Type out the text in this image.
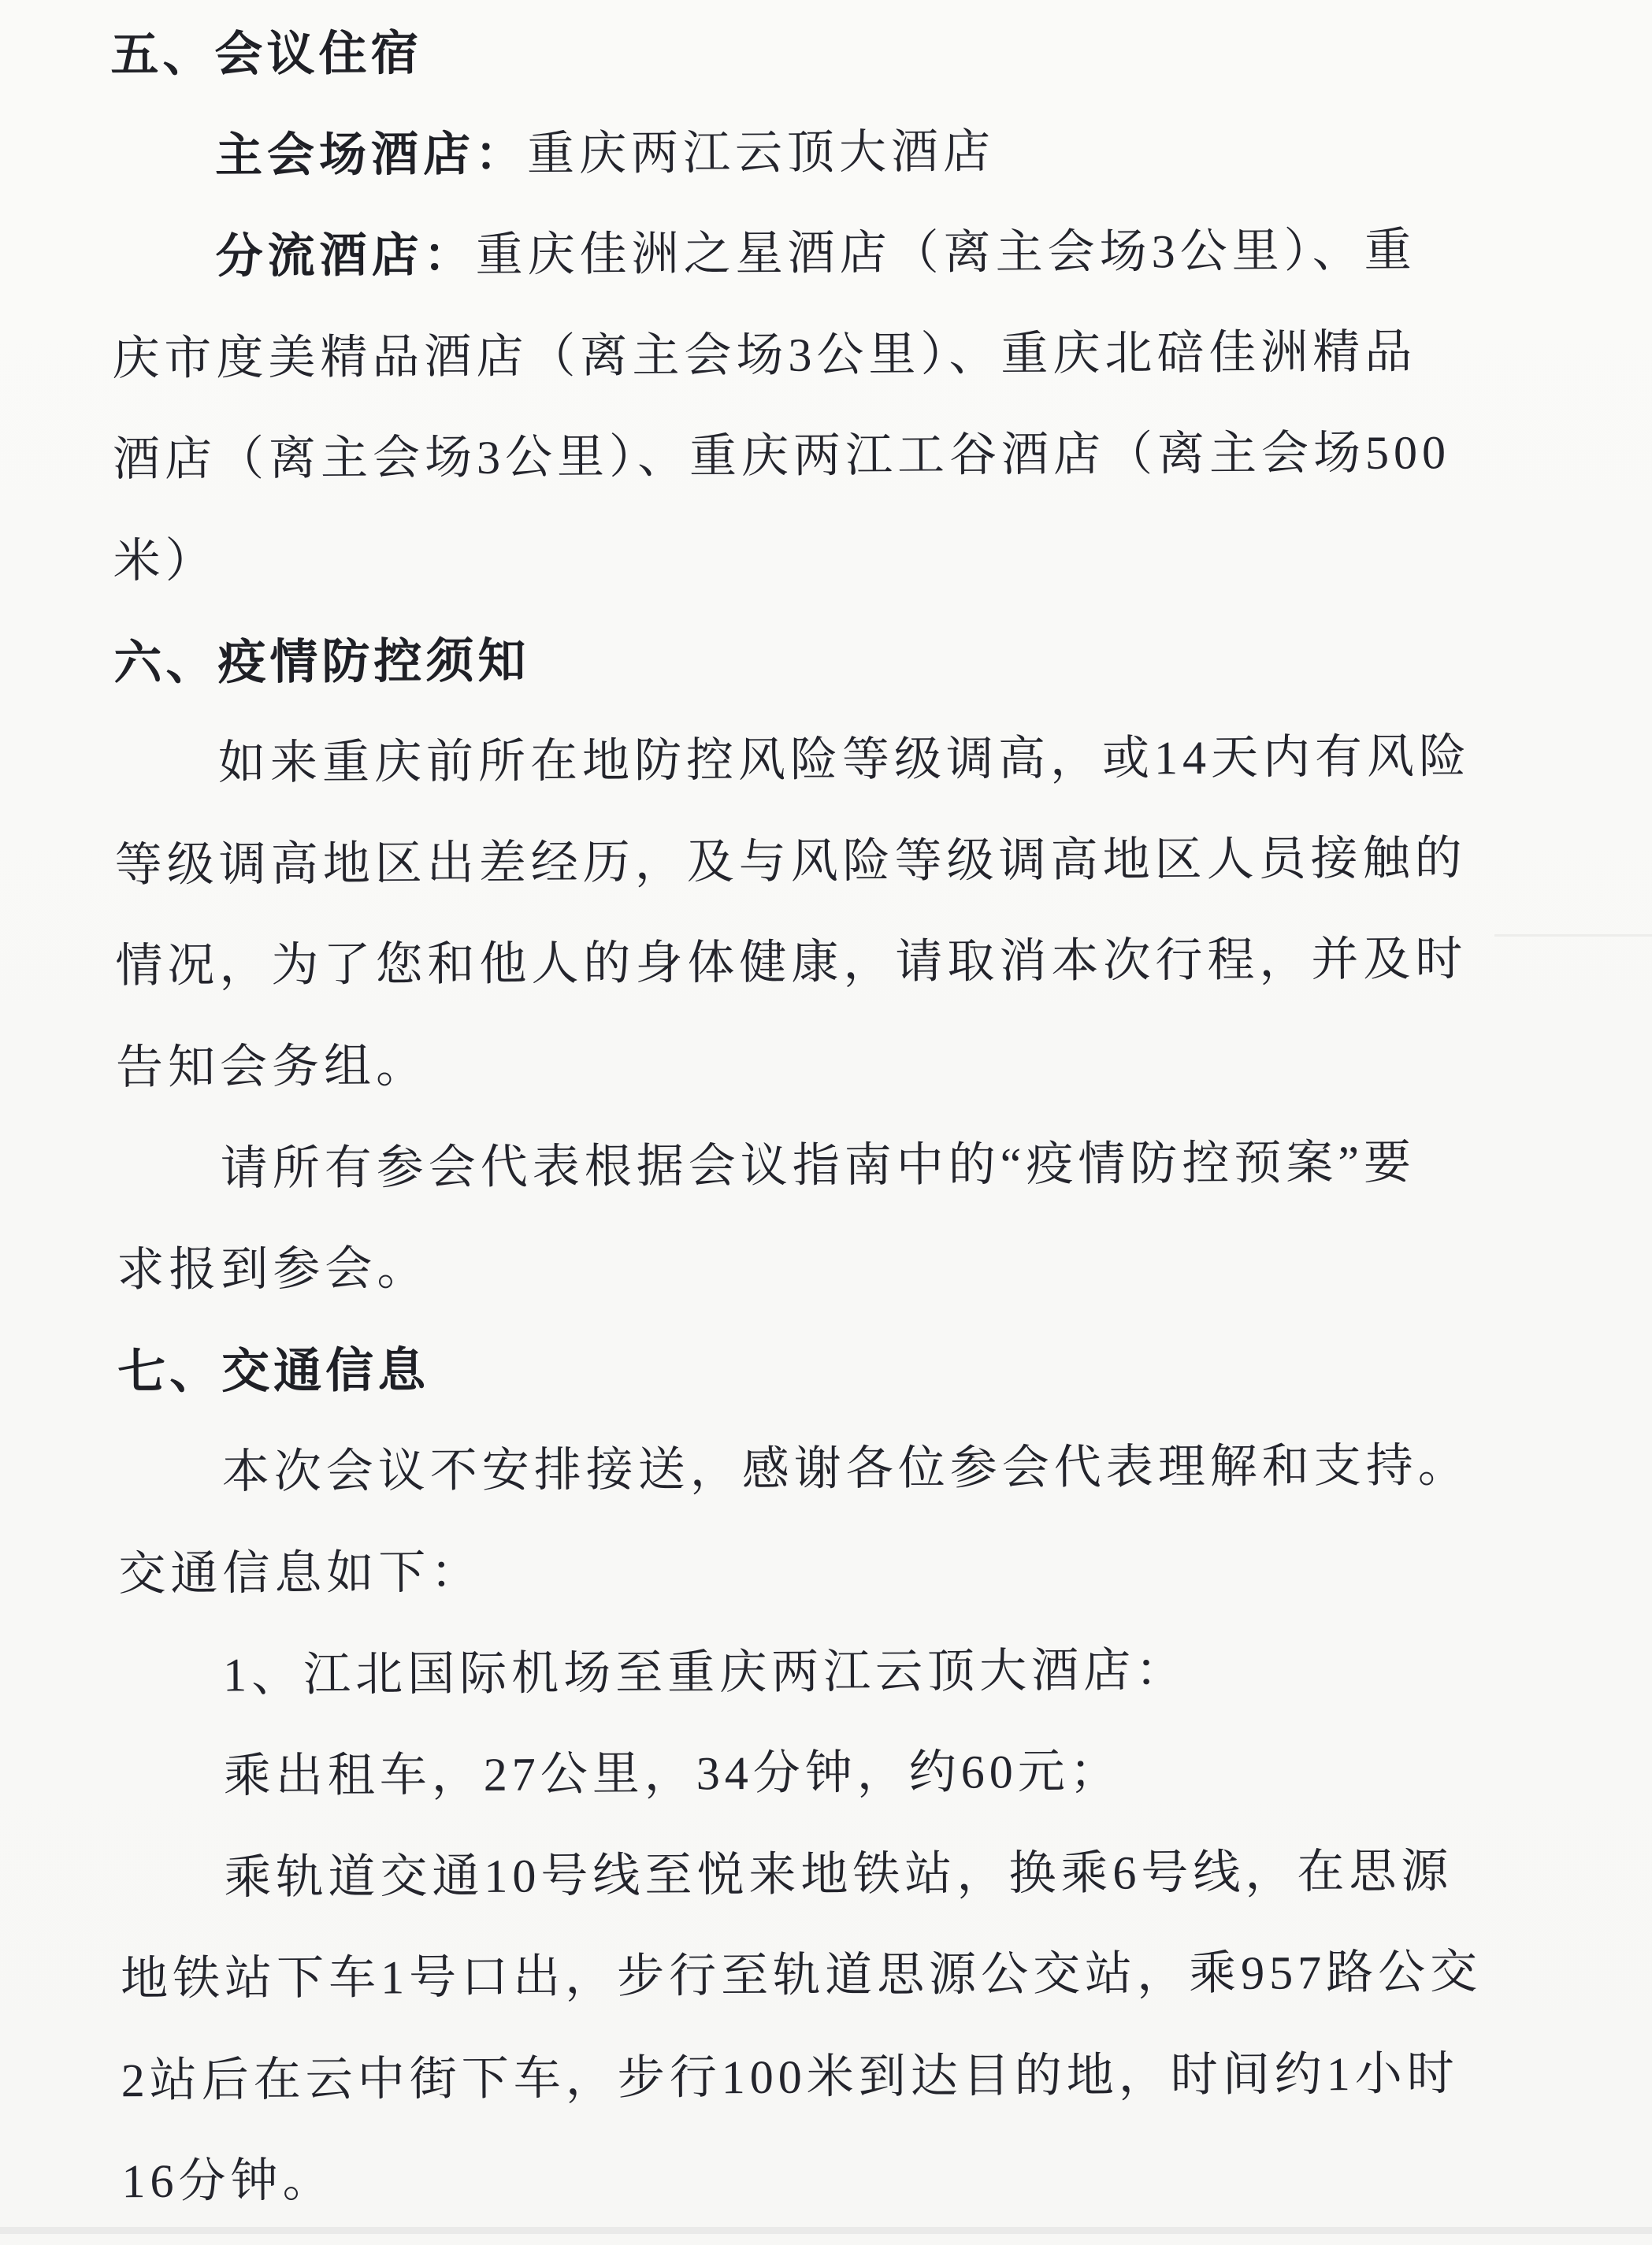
五、会议住宿
主会场酒店：重庆两江云顶大酒店
分流酒店：重庆佳洲之星酒店（离主会场3公里）、重
庆市度美精品酒店（离主会场3公里）、重庆北碚佳洲精品
酒店（离主会场3公里）、重庆两江工谷酒店（离主会场500
米）
六、疫情防控须知
如来重庆前所在地防控风险等级调高，或14天内有风险
等级调高地区出差经历，及与风险等级调高地区人员接触的
情况，为了您和他人的身体健康，请取消本次行程，并及时
告知会务组。
请所有参会代表根据会议指南中的“疫情防控预案”要
求报到参会。
七、交通信息
本次会议不安排接送，感谢各位参会代表理解和支持。
交通信息如下：
1、江北国际机场至重庆两江云顶大酒店：
乘出租车，27公里，34分钟，约60元；
乘轨道交通10号线至悦来地铁站，换乘6号线，在思源
地铁站下车1号口出，步行至轨道思源公交站，乘957路公交
2站后在云中街下车，步行100米到达目的地，时间约1小时
16分钟。
